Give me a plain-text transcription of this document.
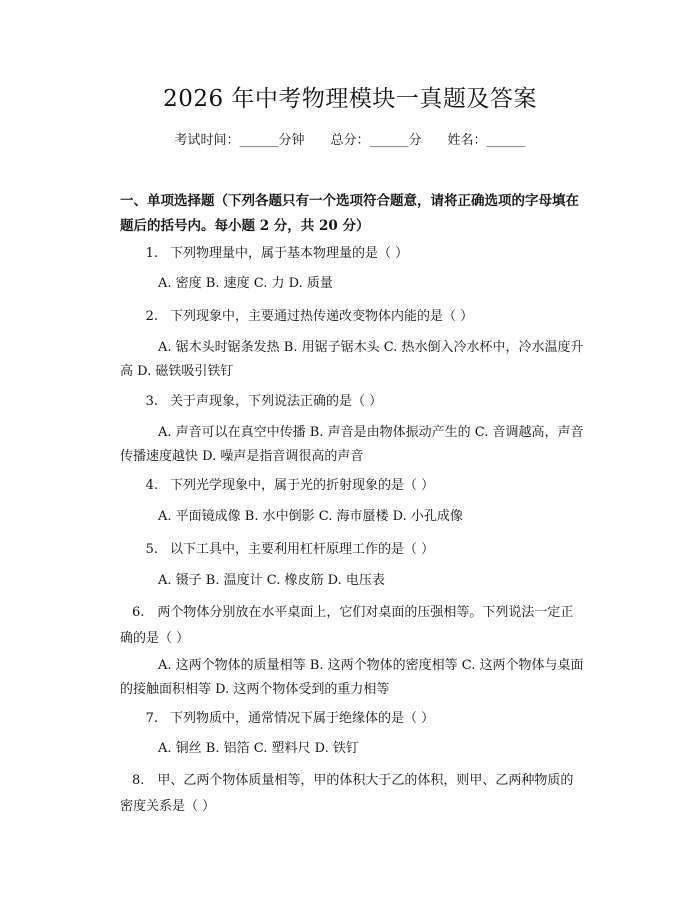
2026 年中考物理模块一真题及答案
考试时间：______分钟 总分：______分 姓名：______
一、单项选择题（下列各题只有一个选项符合题意，请将正确选项的字母填在题后的括号内。每小题 2 分，共 20 分）
1. 下列物理量中，属于基本物理量的是（ ）
A. 密度 B. 速度 C. 力 D. 质量
2. 下列现象中，主要通过热传递改变物体内能的是（ ）
A. 锯木头时锯条发热 B. 用锯子锯木头 C. 热水倒入冷水杯中，冷水温度升高 D. 磁铁吸引铁钉
3. 关于声现象，下列说法正确的是（ ）
A. 声音可以在真空中传播 B. 声音是由物体振动产生的 C. 音调越高，声音传播速度越快 D. 噪声是指音调很高的声音
4. 下列光学现象中，属于光的折射现象的是（ ）
A. 平面镜成像 B. 水中倒影 C. 海市蜃楼 D. 小孔成像
5. 以下工具中，主要利用杠杆原理工作的是（ ）
A. 镊子 B. 温度计 C. 橡皮筋 D. 电压表
6.  两个物体分别放在水平桌面上，它们对桌面的压强相等。下列说法一定正确的是（ ）
A. 这两个物体的质量相等 B. 这两个物体的密度相等 C. 这两个物体与桌面的接触面积相等 D. 这两个物体受到的重力相等
7. 下列物质中，通常情况下属于绝缘体的是（ ）
A. 铜丝 B. 铝箔 C. 塑料尺 D. 铁钉
8.  甲、乙两个物体质量相等，甲的体积大于乙的体积，则甲、乙两种物质的密度关系是（ ）
